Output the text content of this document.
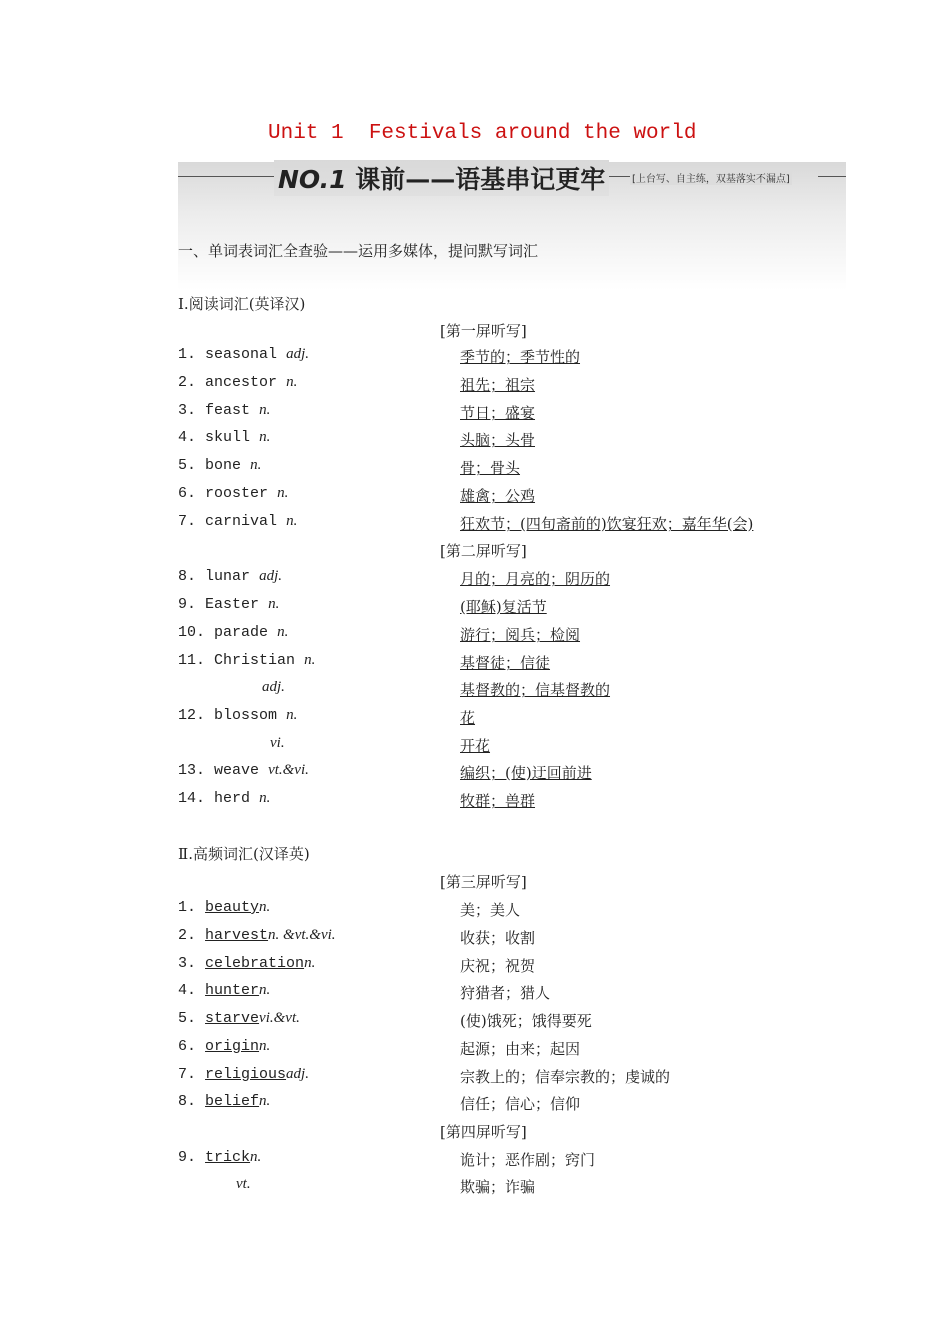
Unit 1  Festivals around the world
NO.1 课前——语基串记更牢	[上台写、自主练，双基落实不漏点]
一、单词表词汇全查验——运用多媒体，提问默写词汇
Ⅰ.阅读词汇(英译汉)
[第一屏听写]
[第二屏听写]
1. seasonal adj.	季节的；季节性的
2. ancestor n.	祖先；祖宗
3. feast n.	节日；盛宴
4. skull n.	头脑；头骨
5. bone n.	骨；骨头
6. rooster n.	雄禽；公鸡
7. carnival n.	狂欢节；(四旬斋前的)饮宴狂欢；嘉年华(会)
8. lunar adj.	月的；月亮的；阴历的
9. Easter n.	(耶稣)复活节
10. parade n.	游行；阅兵；检阅
11. Christian n.	基督徒；信徒
adj.	基督教的；信基督教的
12. blossom n.	花
vi.	开花
13. weave vt.&vi.	编织；(使)迂回前进
14. herd n.	牧群；兽群
Ⅱ.高频词汇(汉译英)
[第三屏听写]
[第四屏听写]
1. beautyn.	美；美人
2. harvestn. &vt.&vi.	收获；收割
3. celebrationn.	庆祝；祝贺
4. huntern.	狩猎者；猎人
5. starvevi.&vt.	(使)饿死；饿得要死
6. originn.	起源；由来；起因
7. religiousadj.	宗教上的；信奉宗教的；虔诚的
8. beliefn.	信任；信心；信仰
9. trickn.	诡计；恶作剧；窍门
vt.	欺骗；诈骗
